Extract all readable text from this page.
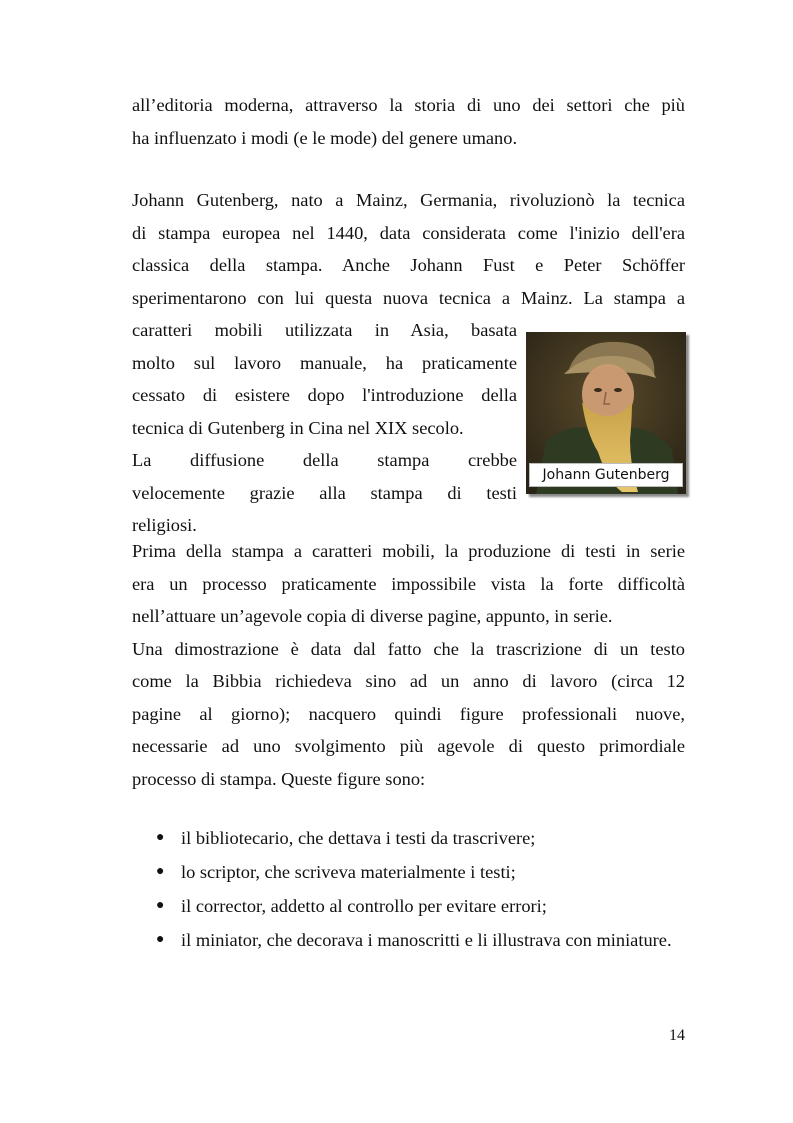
all’editoria moderna, attraverso la storia di uno dei settori che più
ha influenzato i modi (e le mode) del genere umano.

Johann Gutenberg, nato a Mainz, Germania, rivoluzionò la tecnica
di stampa europea nel 1440, data considerata come l'inizio dell'era
classica della stampa. Anche Johann Fust e Peter Schöffer
sperimentarono con lui questa nuova tecnica a Mainz. La stampa a

caratteri mobili utilizzata in Asia, basata
molto sul lavoro manuale, ha praticamente
cessato di esistere dopo l'introduzione della
tecnica di Gutenberg in Cina nel XIX secolo.
La diffusione della stampa crebbe
velocemente grazie alla stampa di testi
religiosi.

Johann Gutenberg

Prima della stampa a caratteri mobili, la produzione di testi in serie
era un processo praticamente impossibile vista la forte difficoltà
nell’attuare un’agevole copia di diverse pagine, appunto, in serie.
Una dimostrazione è data dal fatto che la trascrizione di un testo
come la Bibbia richiedeva sino ad un anno di lavoro (circa 12
pagine al giorno); nacquero quindi figure professionali nuove,
necessarie ad uno svolgimento più agevole di questo primordiale
processo di stampa. Queste figure sono:

● il bibliotecario, che dettava i testi da trascrivere;
● lo scriptor, che scriveva materialmente i testi;
● il corrector, addetto al controllo per evitare errori;
● il miniator, che decorava i manoscritti e li illustrava con miniature.
14
